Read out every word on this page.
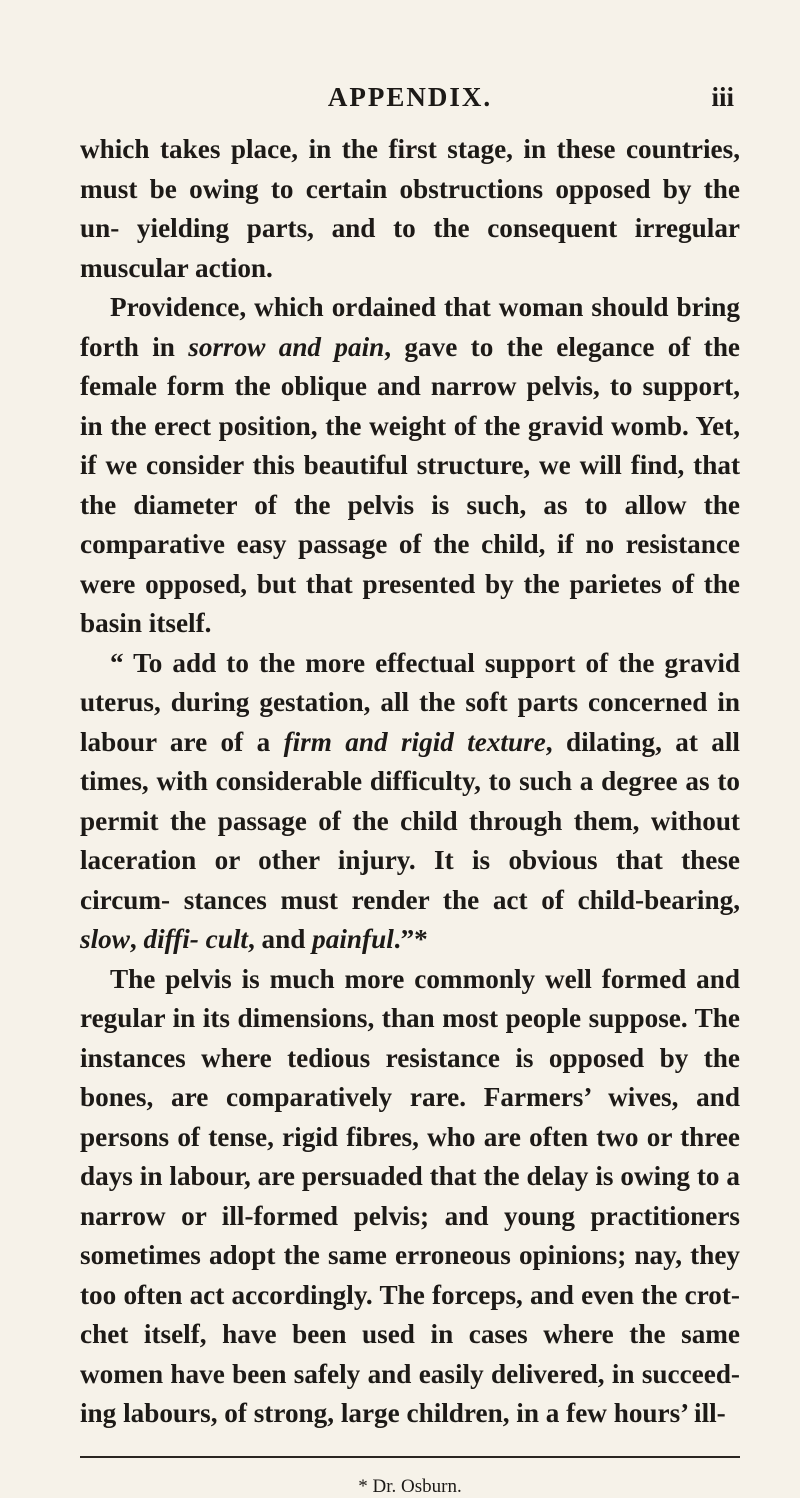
APPENDIX.	iii

which takes place, in the first stage, in these countries, must be owing to certain obstructions opposed by the un- yielding parts, and to the consequent irregular muscular action.

Providence, which ordained that woman should bring forth in sorrow and pain, gave to the elegance of the female form the oblique and narrow pelvis, to support, in the erect position, the weight of the gravid womb. Yet, if we consider this beautiful structure, we will find, that the diameter of the pelvis is such, as to allow the comparative easy passage of the child, if no resistance were opposed, but that presented by the parietes of the basin itself.

“ To add to the more effectual support of the gravid uterus, during gestation, all the soft parts concerned in labour are of a firm and rigid texture, dilating, at all times, with considerable difficulty, to such a degree as to permit the passage of the child through them, without laceration or other injury. It is obvious that these circum- stances must render the act of child-bearing, slow, diffi- cult, and painful.”*

The pelvis is much more commonly well formed and regular in its dimensions, than most people suppose. The instances where tedious resistance is opposed by the bones, are comparatively rare. Farmers’ wives, and persons of tense, rigid fibres, who are often two or three days in labour, are persuaded that the delay is owing to a narrow or ill-formed pelvis; and young practitioners sometimes adopt the same erroneous opinions; nay, they too often act accordingly. The forceps, and even the crot- chet itself, have been used in cases where the same women have been safely and easily delivered, in succeed- ing labours, of strong, large children, in a few hours’ ill-

* Dr. Osburn.
